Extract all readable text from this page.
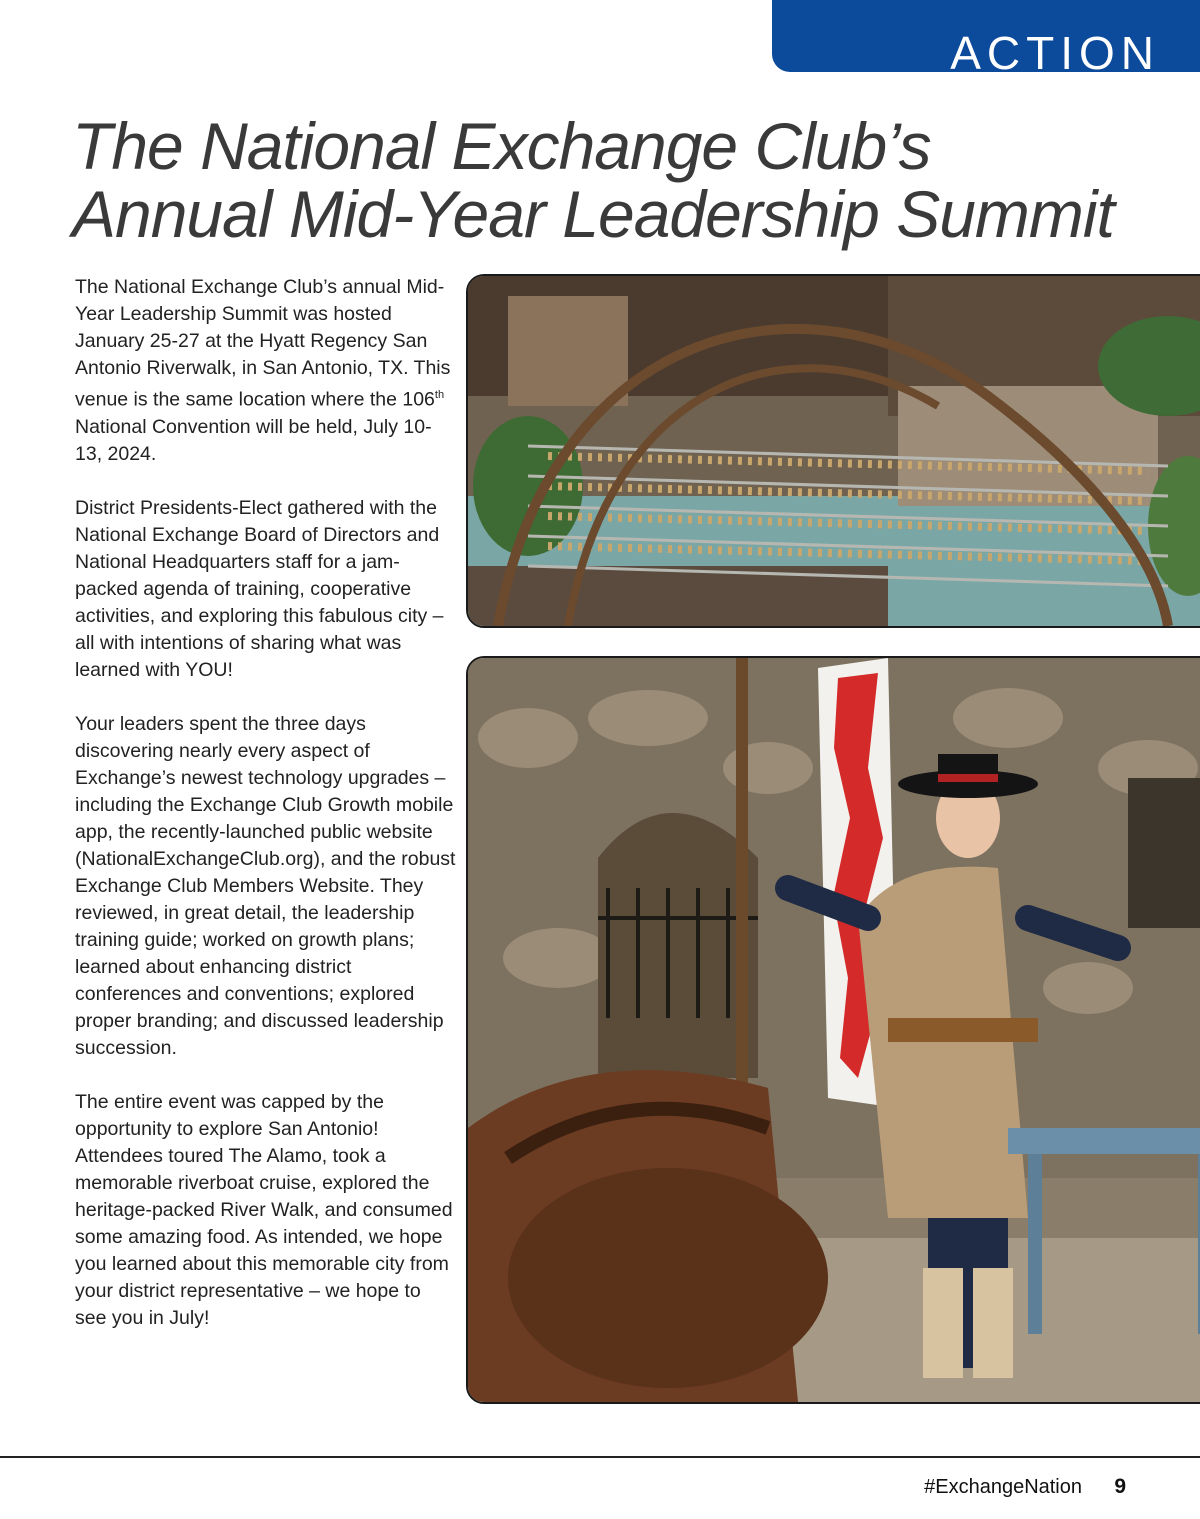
ACTION
The National Exchange Club’s
Annual Mid-Year Leadership Summit

The National Exchange Club’s annual Mid-Year Leadership Summit was hosted January 25-27 at the Hyatt Regency San Antonio Riverwalk, in San Antonio, TX. This venue is the same location where the 106th National Convention will be held, July 10-13, 2024.

District Presidents-Elect gathered with the National Exchange Board of Directors and National Headquarters staff for a jam-packed agenda of training, cooperative activities, and exploring this fabulous city – all with intentions of sharing what was learned with YOU!

Your leaders spent the three days discovering nearly every aspect of Exchange’s newest technology upgrades – including the Exchange Club Growth mobile app, the recently-launched public website (NationalExchangeClub.org), and the robust Exchange Club Members Website. They reviewed, in great detail, the leadership training guide; worked on growth plans; learned about enhancing district conferences and conventions; explored proper branding; and discussed leadership succession.

The entire event was capped by the opportunity to explore San Antonio! Attendees toured The Alamo, took a memorable riverboat cruise, explored the heritage-packed River Walk, and consumed some amazing food. As intended, we hope you learned about this memorable city from your district representative – we hope to see you in July!

#ExchangeNation 9
